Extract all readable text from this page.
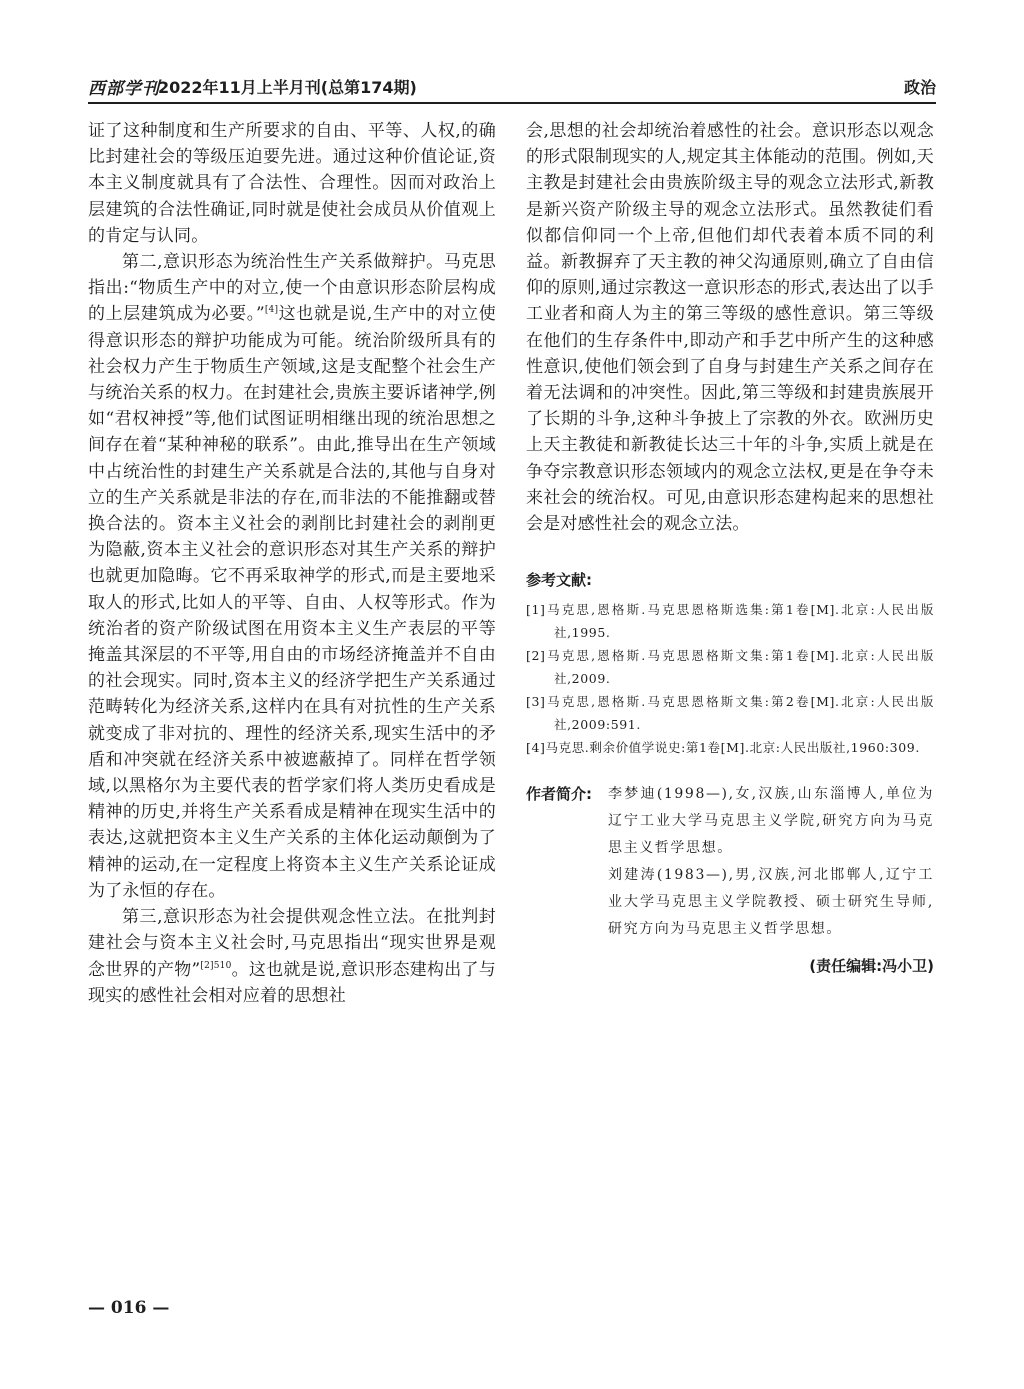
西部学刊
2022年11月上半月刊(总第174期)	政治

证了这种制度和生产所要求的自由、平等、人权,的确比封建社会的等级压迫要先进。通过这种价值论证,资本主义制度就具有了合法性、合理性。因而对政治上层建筑的合法性确证,同时就是使社会成员从价值观上的肯定与认同。

第二,意识形态为统治性生产关系做辩护。马克思指出:“物质生产中的对立,使一个由意识形态阶层构成的上层建筑成为必要。”[4]这也就是说,生产中的对立使得意识形态的辩护功能成为可能。统治阶级所具有的社会权力产生于物质生产领域,这是支配整个社会生产与统治关系的权力。在封建社会,贵族主要诉诸神学,例如“君权神授”等,他们试图证明相继出现的统治思想之间存在着“某种神秘的联系”。由此,推导出在生产领域中占统治性的封建生产关系就是合法的,其他与自身对立的生产关系就是非法的存在,而非法的不能推翻或替换合法的。资本主义社会的剥削比封建社会的剥削更为隐蔽,资本主义社会的意识形态对其生产关系的辩护也就更加隐晦。它不再采取神学的形式,而是主要地采取人的形式,比如人的平等、自由、人权等形式。作为统治者的资产阶级试图在用资本主义生产表层的平等掩盖其深层的不平等,用自由的市场经济掩盖并不自由的社会现实。同时,资本主义的经济学把生产关系通过范畴转化为经济关系,这样内在具有对抗性的生产关系就变成了非对抗的、理性的经济关系,现实生活中的矛盾和冲突就在经济关系中被遮蔽掉了。同样在哲学领域,以黑格尔为主要代表的哲学家们将人类历史看成是精神的历史,并将生产关系看成是精神在现实生活中的表达,这就把资本主义生产关系的主体化运动颠倒为了精神的运动,在一定程度上将资本主义生产关系论证成为了永恒的存在。

第三,意识形态为社会提供观念性立法。在批判封建社会与资本主义社会时,马克思指出“现实世界是观念世界的产物”$^{[2]510}$。这也就是说,意识形态建构出了与现实的感性社会相对应着的思想社

会,思想的社会却统治着感性的社会。意识形态以观念的形式限制现实的人,规定其主体能动的范围。例如,天主教是封建社会由贵族阶级主导的观念立法形式,新教是新兴资产阶级主导的观念立法形式。虽然教徒们看似都信仰同一个上帝,但他们却代表着本质不同的利益。新教摒弃了天主教的神父沟通原则,确立了自由信仰的原则,通过宗教这一意识形态的形式,表达出了以手工业者和商人为主的第三等级的感性意识。第三等级在他们的生存条件中,即动产和手艺中所产生的这种感性意识,使他们领会到了自身与封建生产关系之间存在着无法调和的冲突性。因此,第三等级和封建贵族展开了长期的斗争,这种斗争披上了宗教的外衣。欧洲历史上天主教徒和新教徒长达三十年的斗争,实质上就是在争夺宗教意识形态领域内的观念立法权,更是在争夺未来社会的统治权。可见,由意识形态建构起来的思想社会是对感性社会的观念立法。

参考文献:
[1]马克思,恩格斯.马克思恩格斯选集:第1卷[M].北京:人民出版社,1995.
[2]马克思,恩格斯.马克思恩格斯文集:第1卷[M].北京:人民出版社,2009.
[3]马克思,恩格斯.马克思恩格斯文集:第2卷[M].北京:人民出版社,2009:591.
[4]马克思.剩余价值学说史:第1卷[M].北京:人民出版社,1960:309.
作者简介: 李梦迪(1998—),女,汉族,山东淄博人,单位为辽宁工业大学马克思主义学院,研究方向为马克思主义哲学思想。
刘建涛(1983—),男,汉族,河北邯郸人,辽宁工业大学马克思主义学院教授、硕士研究生导师,研究方向为马克思主义哲学思想。
(责任编辑:冯小卫)
— 016 —
